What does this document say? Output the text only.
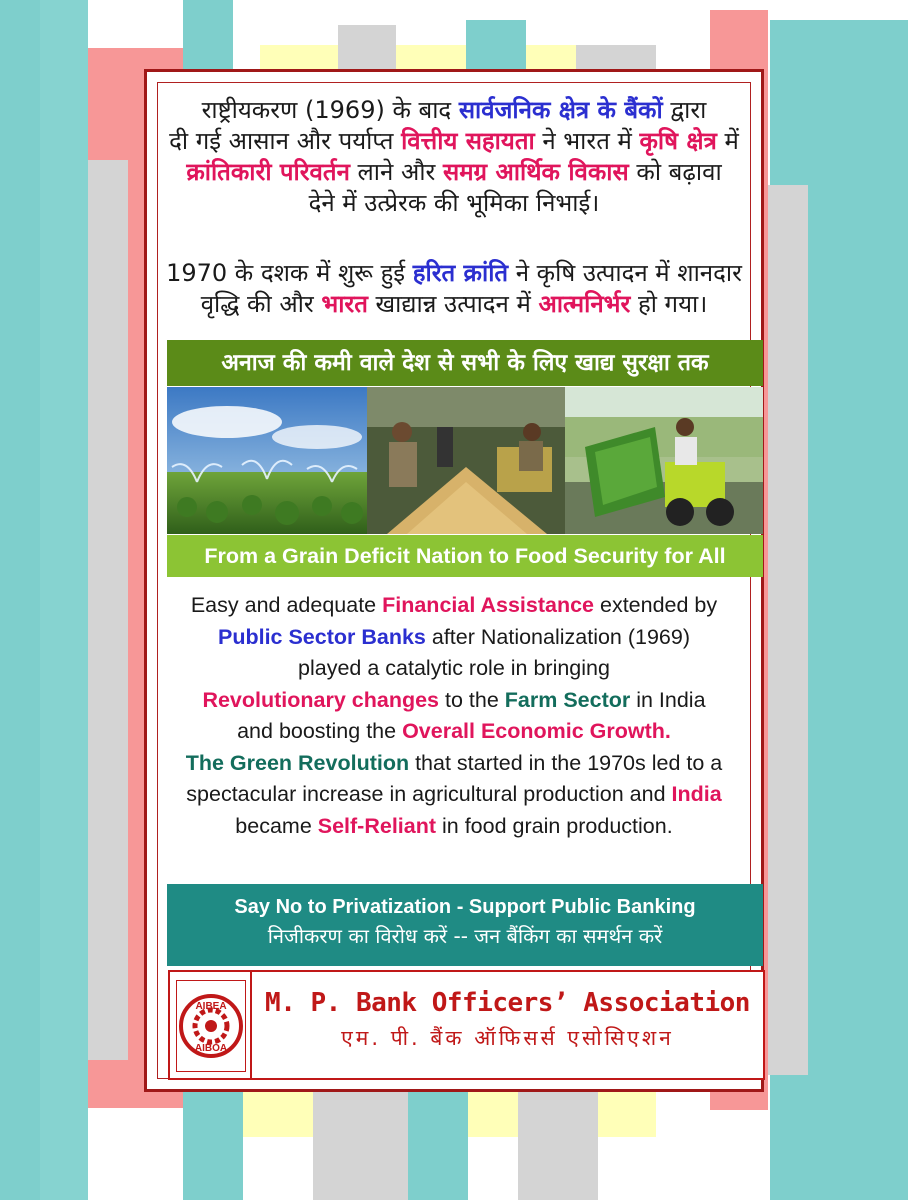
राष्ट्रीयकरण (1969) के बाद सार्वजनिक क्षेत्र के बैंकों द्वारा
दी गई आसान और पर्याप्त वित्तीय सहायता ने भारत में कृषि क्षेत्र में
क्रांतिकारी परिवर्तन लाने और समग्र आर्थिक विकास को बढ़ावा
देने में उत्प्रेरक की भूमिका निभाई।
1970 के दशक में शुरू हुई हरित क्रांति ने कृषि उत्पादन में शानदार
वृद्धि की और भारत खाद्यान्न उत्पादन में आत्मनिर्भर हो गया।
अनाज की कमी वाले देश से सभी के लिए खाद्य सुरक्षा तक
From a Grain Deficit Nation to Food Security for All
Easy and adequate Financial Assistance extended by
Public Sector Banks after Nationalization (1969)
played a catalytic role in bringing
Revolutionary changes to the Farm Sector in India
and boosting the Overall Economic Growth.
The Green Revolution that started in the 1970s led to a
spectacular increase in agricultural production and India
became Self-Reliant in food grain production.
Say No to Privatization - Support Public Banking
निजीकरण का विरोध करें -- जन बैंकिंग का समर्थन करें
AIBEA
AIBOA
M. P. Bank Officers’ Association
एम. पी. बैंक ऑफिसर्स एसोसिएशन
